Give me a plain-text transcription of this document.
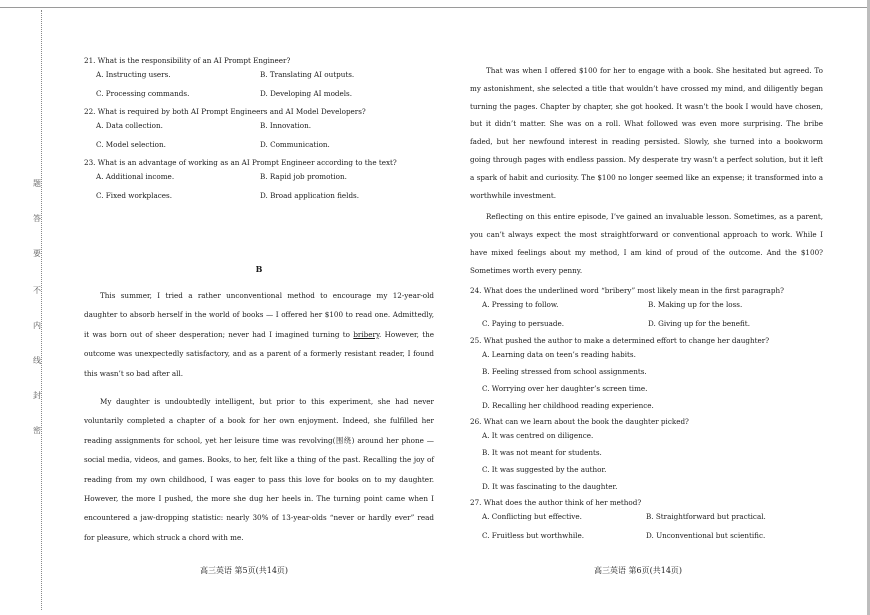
题
答
要
不
内
线
封
密

21. What is the responsibility of an AI Prompt Engineer?

A. Instructing users.	B. Translating AI outputs.
C. Processing commands.	D. Developing AI models.

22. What is required by both AI Prompt Engineers and AI Model Developers?

A. Data collection.	B. Innovation.
C. Model selection.	D. Communication.

23. What is an advantage of working as an AI Prompt Engineer according to the text?

A. Additional income.	B. Rapid job promotion.
C. Fixed workplaces.	D. Broad application fields.
B

This summer, I tried a rather unconventional method to encourage my 12-year-old daughter to absorb herself in the world of books — I offered her $100 to read one. Admittedly, it was born out of sheer desperation; never had I imagined turning to bribery. However, the outcome was unexpectedly satisfactory, and as a parent of a formerly resistant reader, I found this wasn’t so bad after all.

My daughter is undoubtedly intelligent, but prior to this experiment, she had never voluntarily completed a chapter of a book for her own enjoyment. Indeed, she fulfilled her reading assignments for school, yet her leisure time was revolving(围绕) around her phone — social media, videos, and games. Books, to her, felt like a thing of the past. Recalling the joy of reading from my own childhood, I was eager to pass this love for books on to my daughter. However, the more I pushed, the more she dug her heels in. The turning point came when I encountered a jaw-dropping statistic: nearly 30% of 13-year-olds “never or hardly ever” read for pleasure, which struck a chord with me.

高三英语 第5页(共14页)

That was when I offered $100 for her to engage with a book. She hesitated but agreed. To my astonishment, she selected a title that wouldn’t have crossed my mind, and diligently began turning the pages. Chapter by chapter, she got hooked. It wasn’t the book I would have chosen, but it didn’t matter. She was on a roll. What followed was even more surprising. The bribe faded, but her newfound interest in reading persisted. Slowly, she turned into a bookworm going through pages with endless passion. My desperate try wasn’t a perfect solution, but it left a spark of habit and curiosity. The $100 no longer seemed like an expense; it transformed into a worthwhile investment.

Reflecting on this entire episode, I’ve gained an invaluable lesson. Sometimes, as a parent, you can’t always expect the most straightforward or conventional approach to work. While I have mixed feelings about my method, I am kind of proud of the outcome. And the $100? Sometimes worth every penny.

24. What does the underlined word “bribery” most likely mean in the first paragraph?

A. Pressing to follow.	B. Making up for the loss.
C. Paying to persuade.	D. Giving up for the benefit.

25. What pushed the author to make a determined effort to change her daughter?

A. Learning data on teen’s reading habits.
B. Feeling stressed from school assignments.
C. Worrying over her daughter’s screen time.
D. Recalling her childhood reading experience.

26. What can we learn about the book the daughter picked?

A. It was centred on diligence.
B. It was not meant for students.
C. It was suggested by the author.
D. It was fascinating to the daughter.

27. What does the author think of her method?

A. Conflicting but effective.	B. Straightforward but practical.
C. Fruitless but worthwhile.	D. Unconventional but scientific.
高三英语 第6页(共14页)
